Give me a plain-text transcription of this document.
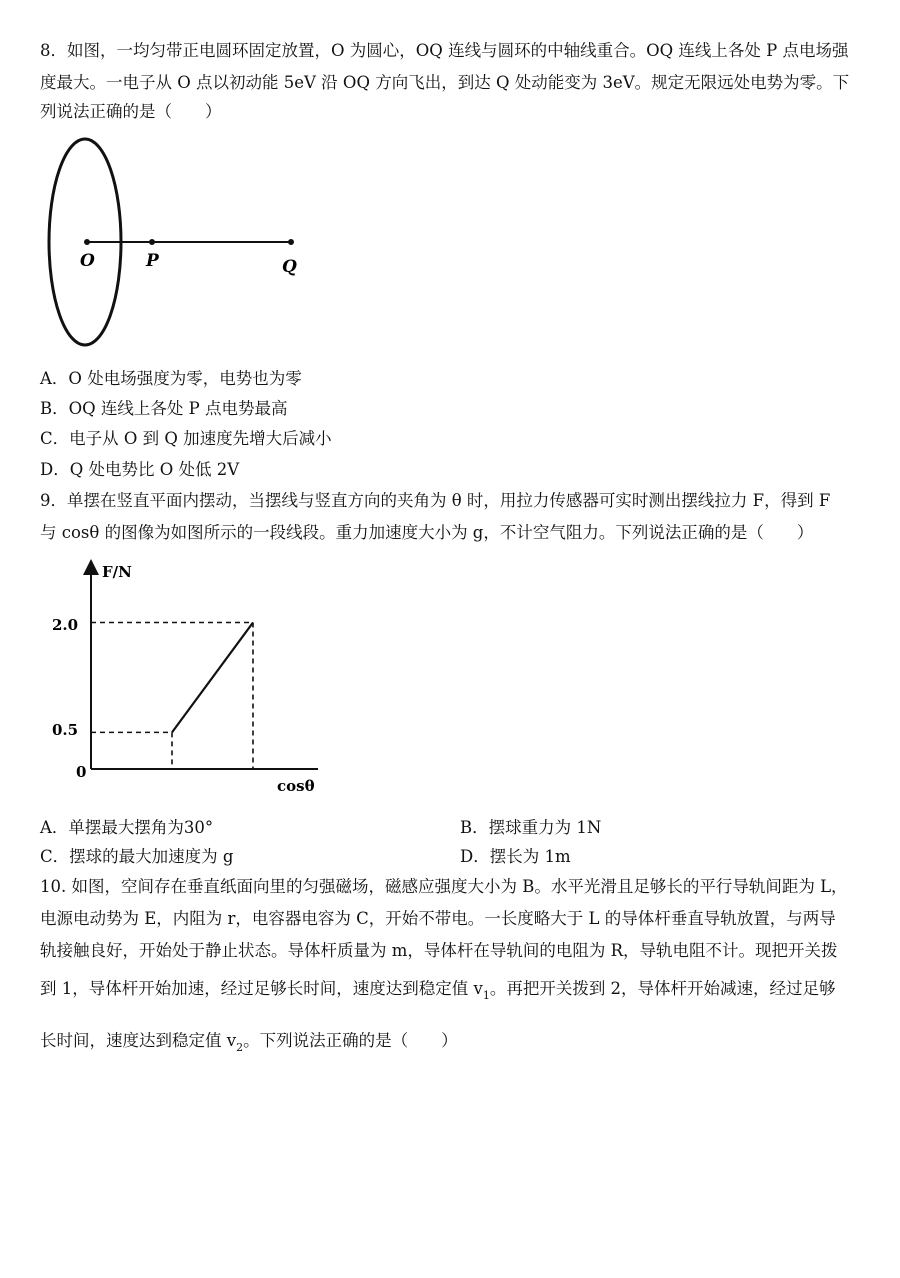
8．如图，一均匀带正电圆环固定放置，O 为圆心，OQ 连线与圆环的中轴线重合。OQ 连线上各处 P 点电场强
度最大。一电子从 O 点以初动能 5eV 沿 OQ 方向飞出，到达 Q 处动能变为 3eV。规定无限远处电势为零。下
列说法正确的是（　　）
O	P	Q
A．O 处电场强度为零，电势也为零
B．OQ 连线上各处 P 点电势最高
C．电子从 O 到 Q 加速度先增大后减小
D．Q 处电势比 O 处低 2V
9．单摆在竖直平面内摆动，当摆线与竖直方向的夹角为 θ 时，用拉力传感器可实时测出摆线拉力 F，得到 F
与 cosθ 的图像为如图所示的一段线段。重力加速度大小为 g，不计空气阻力。下列说法正确的是（　　）
F/N
cosθ
0
2.0
0.5
A．单摆最大摆角为30°	B．摆球重力为 1N
C．摆球的最大加速度为 g	D．摆长为 1m
10. 如图，空间存在垂直纸面向里的匀强磁场，磁感应强度大小为 B。水平光滑且足够长的平行导轨间距为 L，
电源电动势为 E，内阻为 r，电容器电容为 C，开始不带电。一长度略大于 L 的导体杆垂直导轨放置，与两导
轨接触良好，开始处于静止状态。导体杆质量为 m，导体杆在导轨间的电阻为 R，导轨电阻不计。现把开关拨
到 1，导体杆开始加速，经过足够长时间，速度达到稳定值 $v_1$。再把开关拨到 2，导体杆开始减速，经过足够
长时间，速度达到稳定值 $v_2$。下列说法正确的是（　　）
